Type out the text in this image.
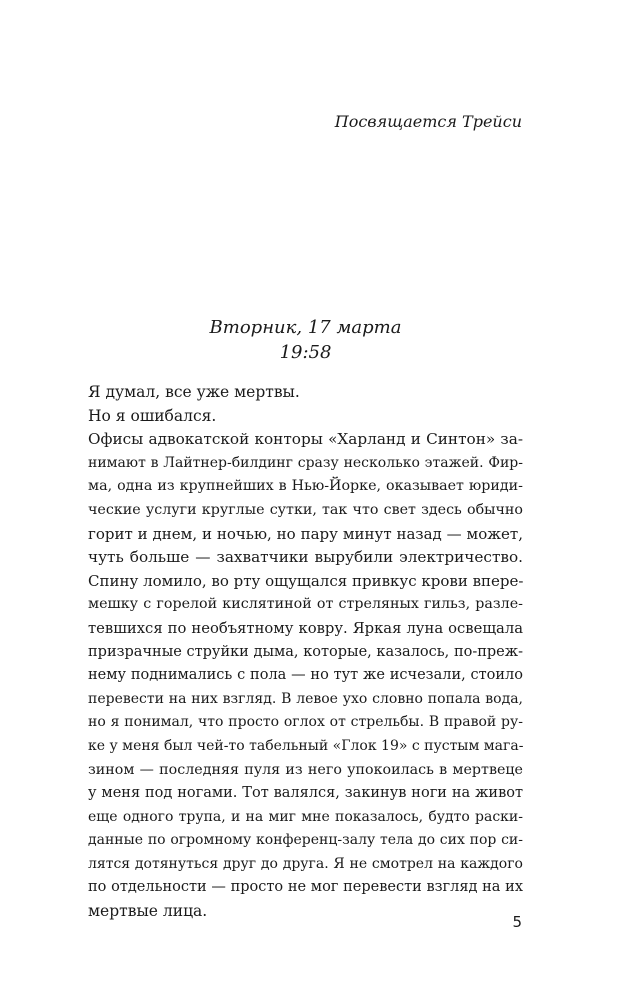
Посвящается Трейси
Вторник, 17 марта
19:58
Я думал, все уже мертвы.
Но я ошибался.
Офисы адвокатской конторы «Харланд и Синтон» за-
нимают в Лайтнер-билдинг сразу несколько этажей. Фир-
ма, одна из крупнейших в Нью-Йорке, оказывает юриди-
ческие услуги круглые сутки, так что свет здесь обычно
горит и днем, и ночью, но пару минут назад — может,
чуть больше — захватчики вырубили электричество.
Спину ломило, во рту ощущался привкус крови впере-
мешку с горелой кислятиной от стреляных гильз, разле-
тевшихся по необъятному ковру. Яркая луна освещала
призрачные струйки дыма, которые, казалось, по-преж-
нему поднимались с пола — но тут же исчезали, стоило
перевести на них взгляд. В левое ухо словно попала вода,
но я понимал, что просто оглох от стрельбы. В правой ру-
ке у меня был чей-то табельный «Глок 19» с пустым мага-
зином — последняя пуля из него упокоилась в мертвеце
у меня под ногами. Тот валялся, закинув ноги на живот
еще одного трупа, и на миг мне показалось, будто раски-
данные по огромному конференц-залу тела до сих пор си-
лятся дотянуться друг до друга. Я не смотрел на каждого
по отдельности — просто не мог перевести взгляд на их
мертвые лица.
5
